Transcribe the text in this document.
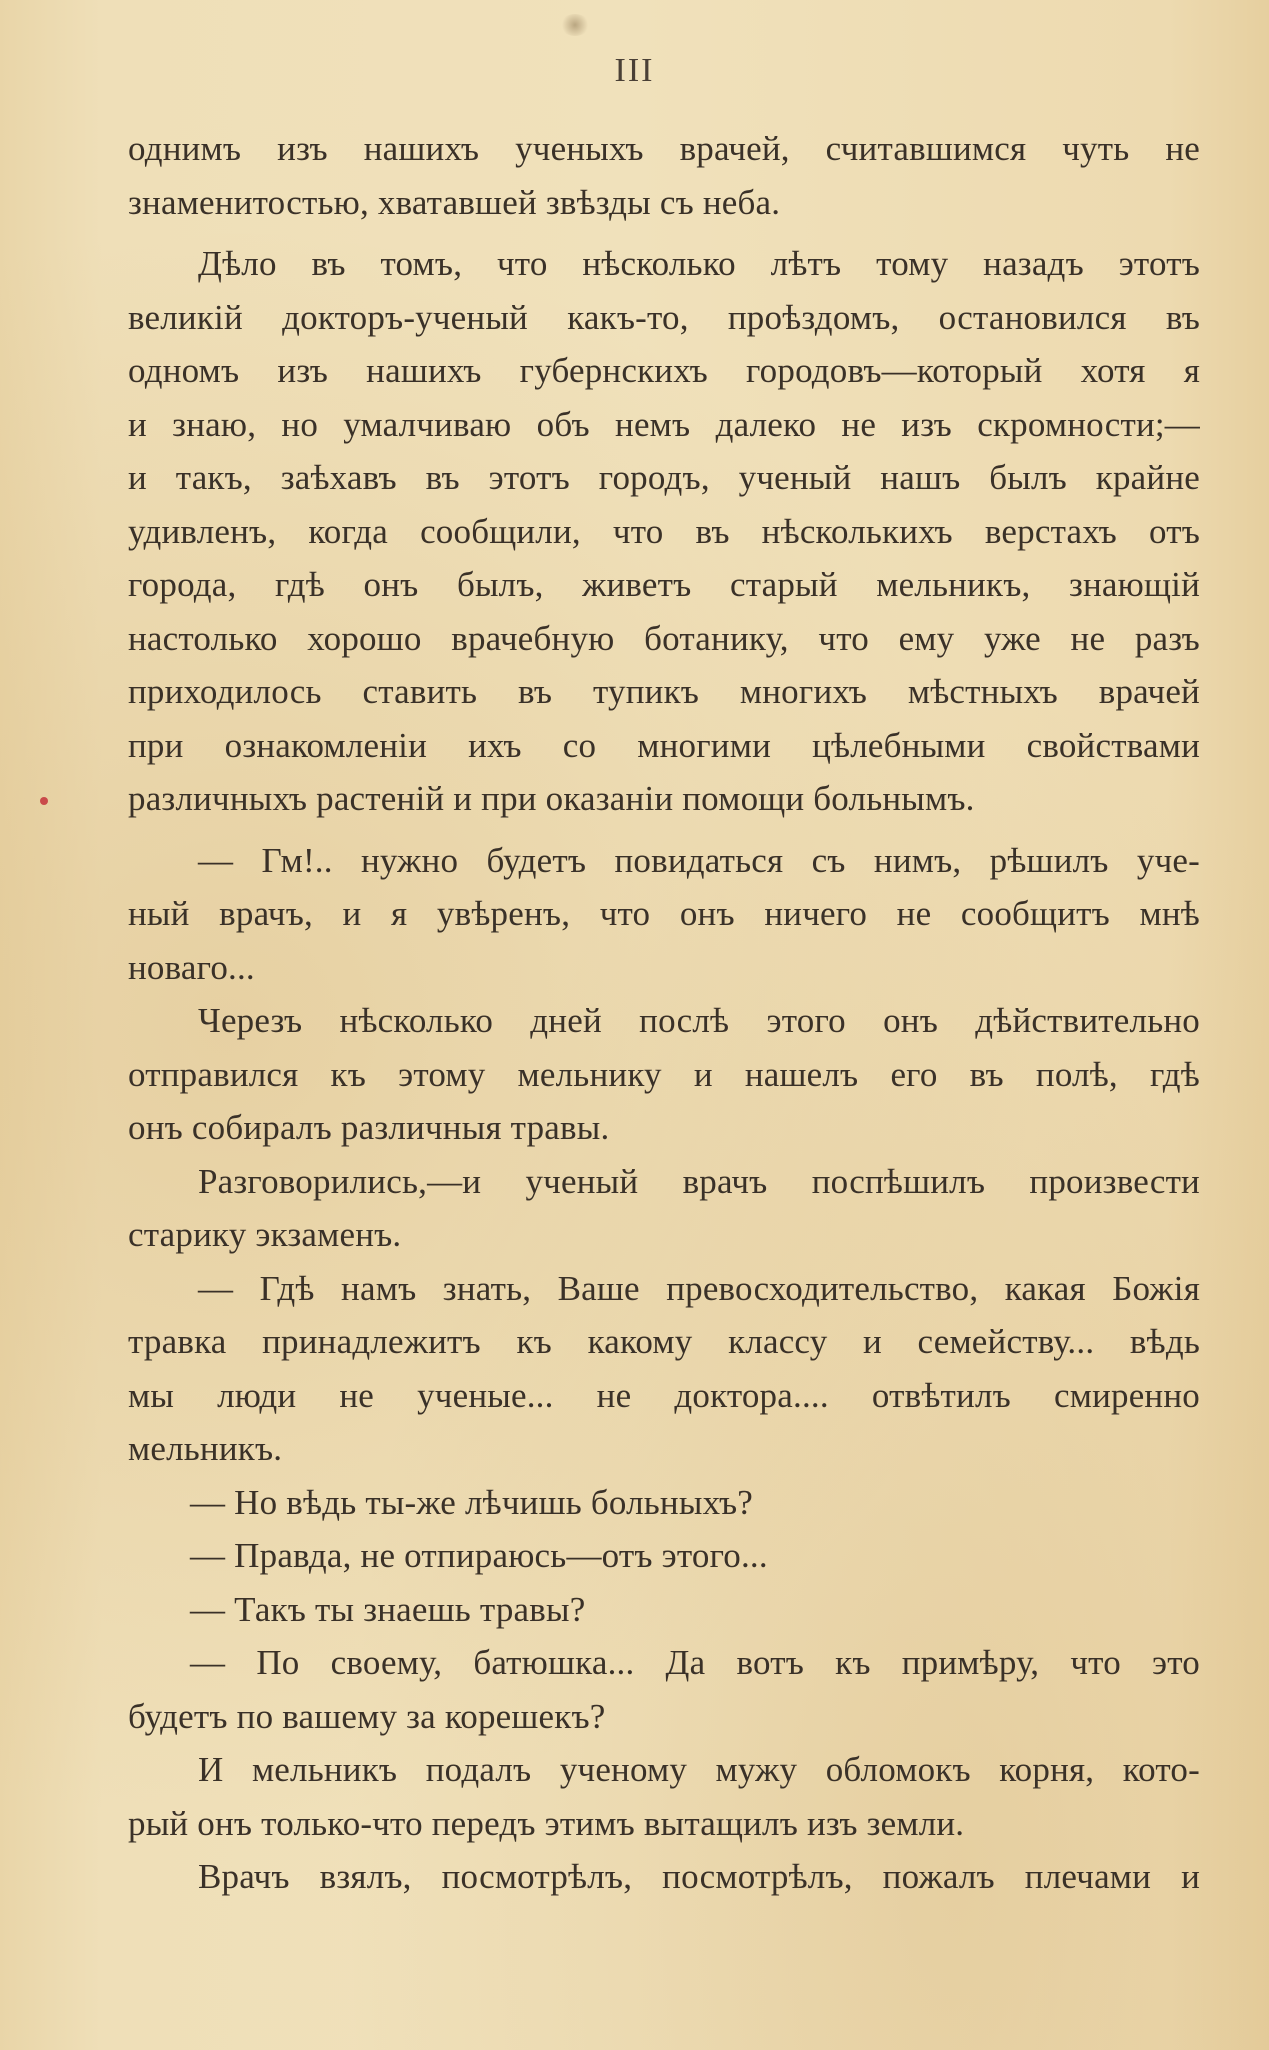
III
однимъ изъ нашихъ ученыхъ врачей, считавшимся чуть не
знаменитостью, хватавшей звѣзды съ неба.
Дѣло въ томъ, что нѣсколько лѣтъ тому назадъ этотъ
великій докторъ-ученый какъ-то, проѣздомъ, остановился въ
одномъ изъ нашихъ губернскихъ городовъ—который хотя я
и знаю, но умалчиваю объ немъ далеко не изъ скромности;—
и такъ, заѣхавъ въ этотъ городъ, ученый нашъ былъ крайне
удивленъ, когда сообщили, что въ нѣсколькихъ верстахъ отъ
города, гдѣ онъ былъ, живетъ старый мельникъ, знающій
настолько хорошо врачебную ботанику, что ему уже не разъ
приходилось ставить въ тупикъ многихъ мѣстныхъ врачей
при ознакомленіи ихъ со многими цѣлебными свойствами
различныхъ растеній и при оказаніи помощи больнымъ.
— Гм!.. нужно будетъ повидаться съ нимъ, рѣшилъ уче-
ный врачъ, и я увѣренъ, что онъ ничего не сообщитъ мнѣ
новаго...
Черезъ нѣсколько дней послѣ этого онъ дѣйствительно
отправился къ этому мельнику и нашелъ его въ полѣ, гдѣ
онъ собиралъ различныя травы.
Разговорились,—и ученый врачъ поспѣшилъ произвести
старику экзаменъ.
— Гдѣ намъ знать, Ваше превосходительство, какая Божія
травка принадлежитъ къ какому классу и семейству... вѣдь
мы люди не ученые... не доктора.... отвѣтилъ смиренно
мельникъ.
— Но вѣдь ты-же лѣчишь больныхъ?
— Правда, не отпираюсь—отъ этого...
— Такъ ты знаешь травы?
— По своему, батюшка... Да вотъ къ примѣру, что это
будетъ по вашему за корешекъ?
И мельникъ подалъ ученому мужу обломокъ корня, кото-
рый онъ только-что передъ этимъ вытащилъ изъ земли.
Врачъ взялъ, посмотрѣлъ, посмотрѣлъ, пожалъ плечами и
